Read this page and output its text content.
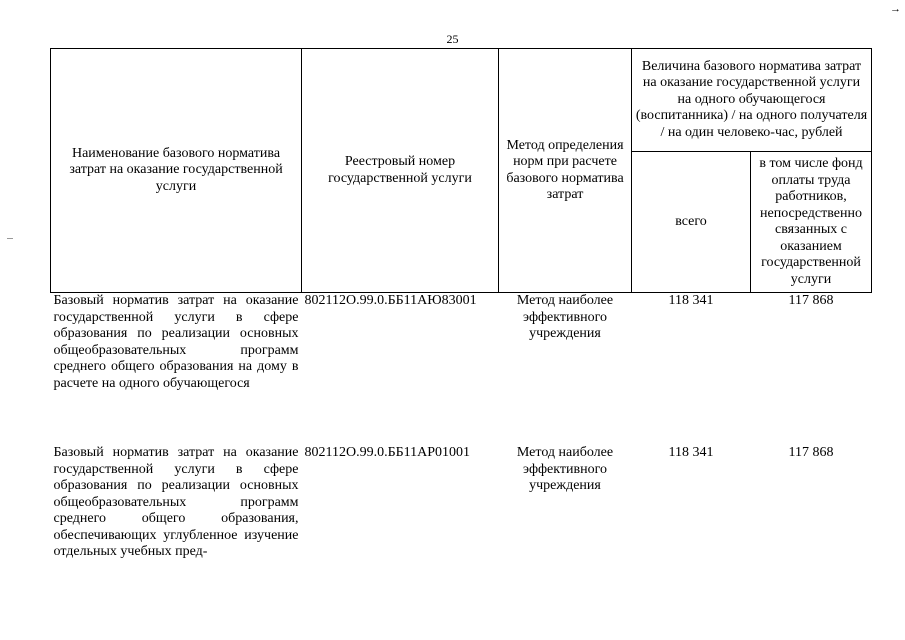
25
→
Наименование базового норматива затрат на оказание государственной услуги	Реестровый номер государственной услуги	Метод определения норм при расчете базового норматива затрат	Величина базового норматива затрат на оказание государственной услуги на одного обучающегося (воспитанника) / на одного получателя / на один человеко-час, рублей	
			всего	в том числе фонд оплаты труда работников, непосредственно связанных с оказанием государственной услуги
Базовый норматив затрат на оказание государственной услуги в сфере образования по реализации основных общеобразовательных программ среднего общего образования на дому в расчете на одного обучающегося	802112О.99.0.ББ11АЮ83001	Метод наиболее эффективного учреждения	118 341	117 868
Базовый норматив затрат на оказание государственной услуги в сфере образования по реализации основных общеобразовательных программ среднего общего образования, обеспечивающих углубленное изучение отдельных учебных пред-	802112О.99.0.ББ11АР01001	Метод наиболее эффективного учреждения	118 341	117 868
